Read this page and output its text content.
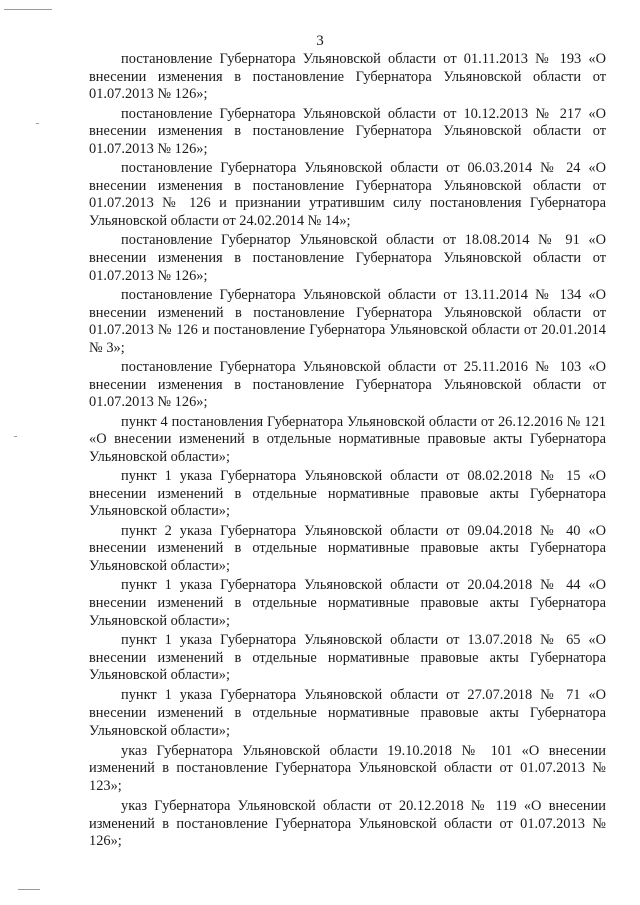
3

постановление Губернатора Ульяновской области от 01.11.2013 № 193 «О внесении изменения в постановление Губернатора Ульяновской области от 01.07.2013 № 126»;

постановление Губернатора Ульяновской области от 10.12.2013 № 217 «О внесении изменения в постановление Губернатора Ульяновской области от 01.07.2013 № 126»;

постановление Губернатора Ульяновской области от 06.03.2014 № 24 «О внесении изменения в постановление Губернатора Ульяновской области от 01.07.2013 № 126 и признании утратившим силу постановления Губернатора Ульяновской области от 24.02.2014 № 14»;

постановление Губернатор Ульяновской области от 18.08.2014 № 91 «О внесении изменения в постановление Губернатора Ульяновской области от 01.07.2013 № 126»;

постановление Губернатора Ульяновской области от 13.11.2014 № 134 «О внесении изменений в постановление Губернатора Ульяновской области от 01.07.2013 № 126 и постановление Губернатора Ульяновской области от 20.01.2014 № 3»;

постановление Губернатора Ульяновской области от 25.11.2016 № 103 «О внесении изменения в постановление Губернатора Ульяновской области от 01.07.2013 № 126»;

пункт 4 постановления Губернатора Ульяновской области от 26.12.2016 № 121 «О внесении изменений в отдельные нормативные правовые акты Губернатора Ульяновской области»;

пункт 1 указа Губернатора Ульяновской области от 08.02.2018 № 15 «О внесении изменений в отдельные нормативные правовые акты Губернатора Ульяновской области»;

пункт 2 указа Губернатора Ульяновской области от 09.04.2018 № 40 «О внесении изменений в отдельные нормативные правовые акты Губернатора Ульяновской области»;

пункт 1 указа Губернатора Ульяновской области от 20.04.2018 № 44 «О внесении изменений в отдельные нормативные правовые акты Губернатора Ульяновской области»;

пункт 1 указа Губернатора Ульяновской области от 13.07.2018 № 65 «О внесении изменений в отдельные нормативные правовые акты Губернатора Ульяновской области»;

пункт 1 указа Губернатора Ульяновской области от 27.07.2018 № 71 «О внесении изменений в отдельные нормативные правовые акты Губернатора Ульяновской области»;

указ Губернатора Ульяновской области 19.10.2018 № 101 «О внесении изменений в постановление Губернатора Ульяновской области от 01.07.2013 № 123»;

указ Губернатора Ульяновской области от 20.12.2018 № 119 «О внесении изменений в постановление Губернатора Ульяновской области от 01.07.2013 № 126»;
